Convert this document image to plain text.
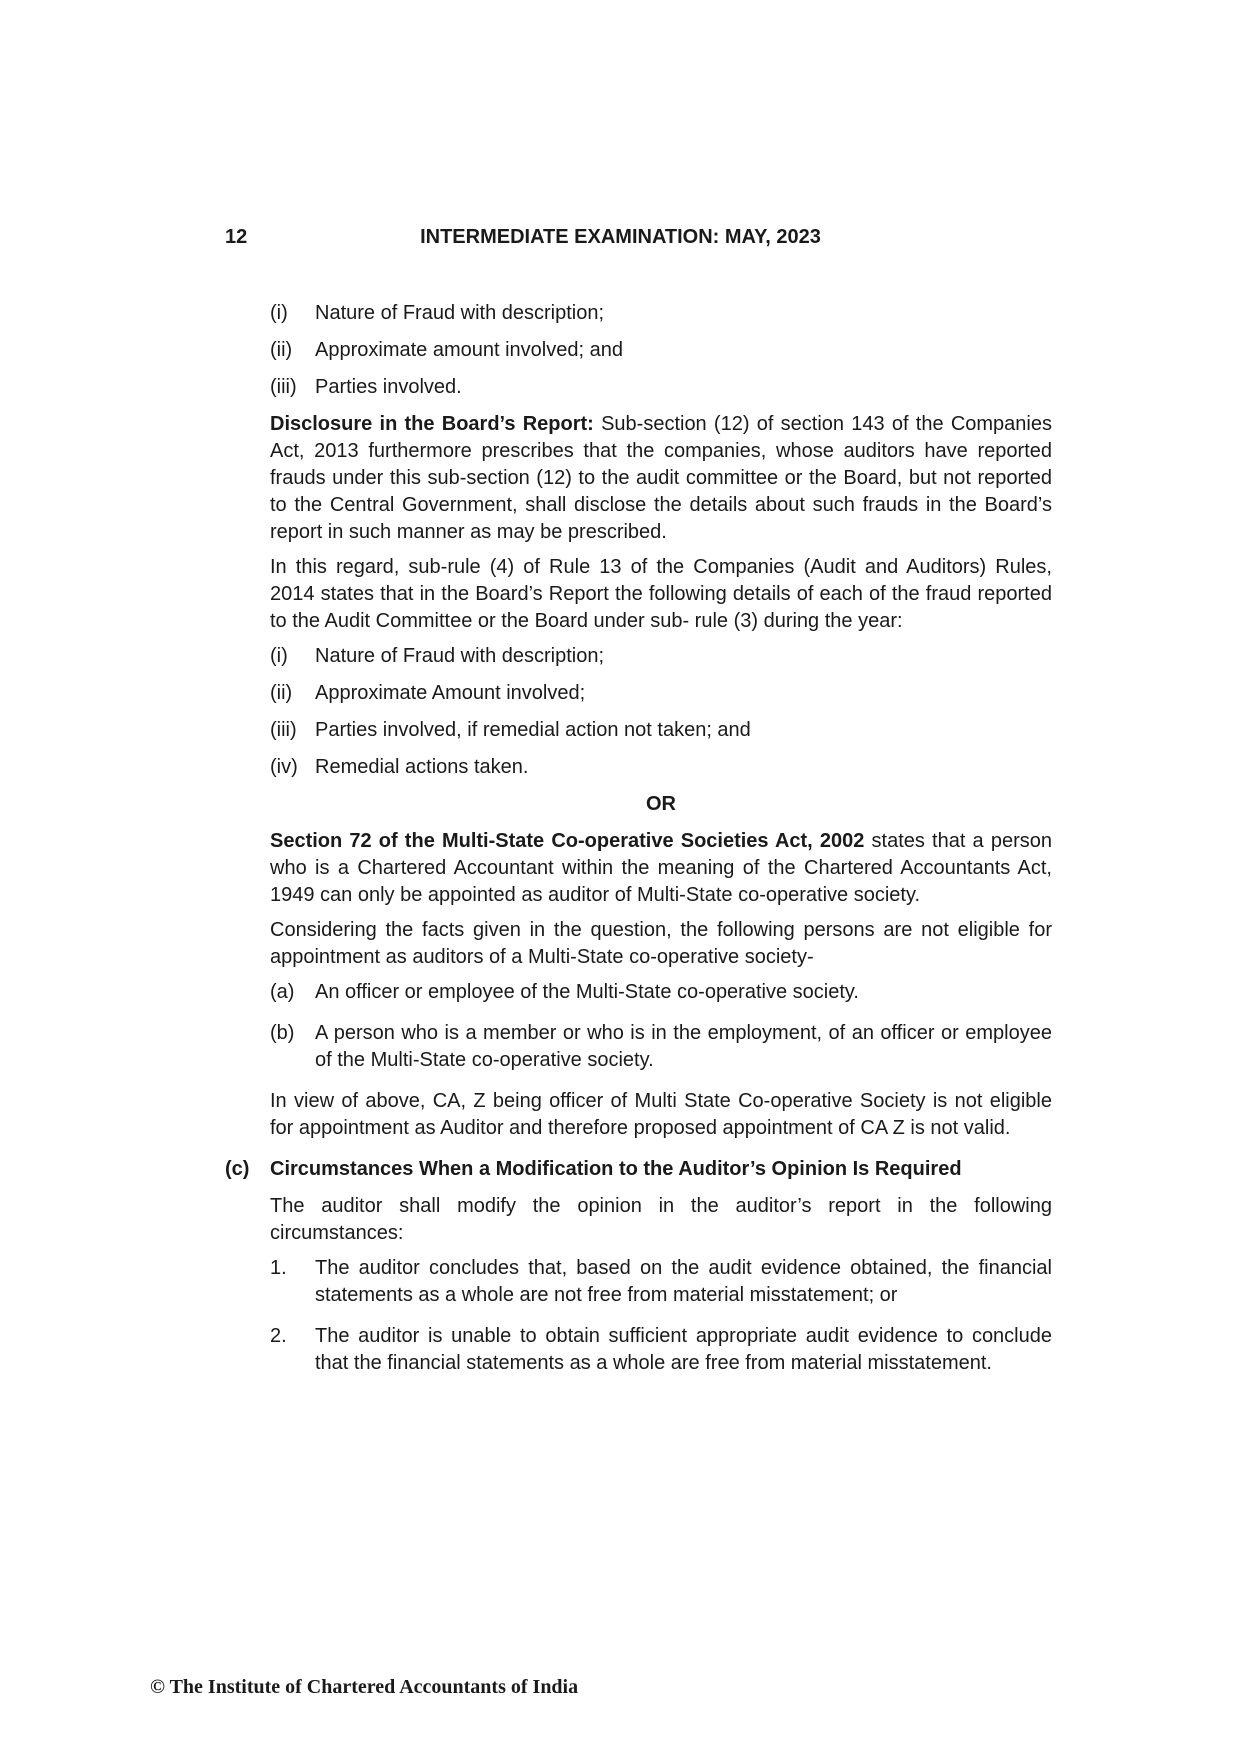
12	INTERMEDIATE EXAMINATION: MAY, 2023
(i) Nature of Fraud with description;
(ii) Approximate amount involved; and
(iii) Parties involved.
Disclosure in the Board’s Report: Sub-section (12) of section 143 of the Companies Act, 2013 furthermore prescribes that the companies, whose auditors have reported frauds under this sub-section (12) to the audit committee or the Board, but not reported to the Central Government, shall disclose the details about such frauds in the Board’s report in such manner as may be prescribed.
In this regard, sub-rule (4) of Rule 13 of the Companies (Audit and Auditors) Rules, 2014 states that in the Board’s Report the following details of each of the fraud reported to the Audit Committee or the Board under sub- rule (3) during the year:
(i) Nature of Fraud with description;
(ii) Approximate Amount involved;
(iii) Parties involved, if remedial action not taken; and
(iv) Remedial actions taken.
OR
Section 72 of the Multi-State Co-operative Societies Act, 2002 states that a person who is a Chartered Accountant within the meaning of the Chartered Accountants Act, 1949 can only be appointed as auditor of Multi-State co-operative society.
Considering the facts given in the question, the following persons are not eligible for appointment as auditors of a Multi-State co-operative society-
(a) An officer or employee of the Multi-State co-operative society.
(b) A person who is a member or who is in the employment, of an officer or employee of the Multi-State co-operative society.
In view of above, CA, Z being officer of Multi State Co-operative Society is not eligible for appointment as Auditor and therefore proposed appointment of CA Z is not valid.
(c) Circumstances When a Modification to the Auditor’s Opinion Is Required
The auditor shall modify the opinion in the auditor’s report in the following circumstances:
1. The auditor concludes that, based on the audit evidence obtained, the financial statements as a whole are not free from material misstatement; or
2. The auditor is unable to obtain sufficient appropriate audit evidence to conclude that the financial statements as a whole are free from material misstatement.
© The Institute of Chartered Accountants of India
